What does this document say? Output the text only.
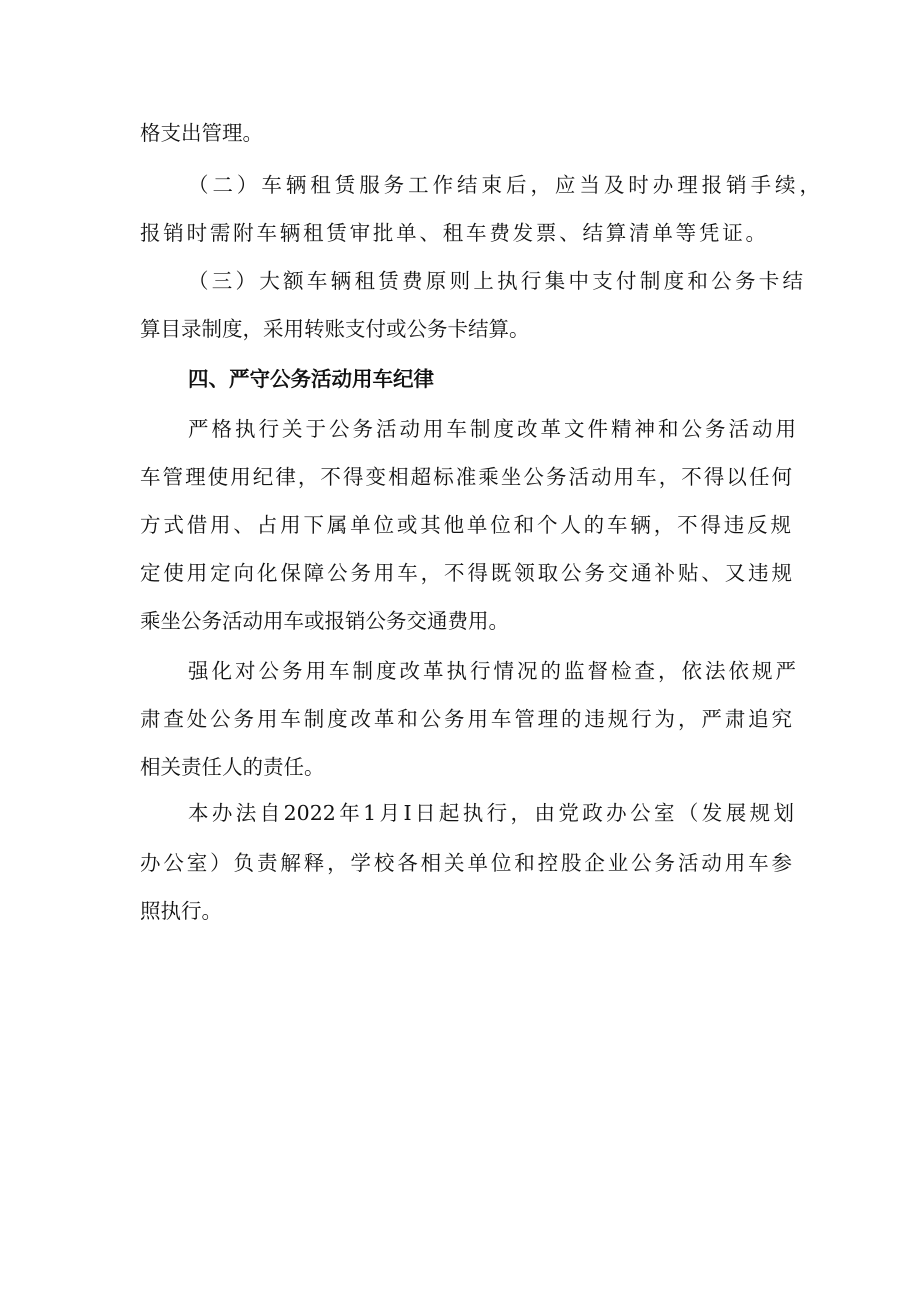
格支出管理。

（二）车辆租赁服务工作结束后，应当及时办理报销手续，

报销时需附车辆租赁审批单、租车费发票、结算清单等凭证。

（三）大额车辆租赁费原则上执行集中支付制度和公务卡结

算目录制度，采用转账支付或公务卡结算。

四、严守公务活动用车纪律

严格执行关于公务活动用车制度改革文件精神和公务活动用

车管理使用纪律，不得变相超标准乘坐公务活动用车，不得以任何

方式借用、占用下属单位或其他单位和个人的车辆，不得违反规

定使用定向化保障公务用车，不得既领取公务交通补贴、又违规

乘坐公务活动用车或报销公务交通费用。

强化对公务用车制度改革执行情况的监督检查，依法依规严

肃查处公务用车制度改革和公务用车管理的违规行为，严肃追究

相关责任人的责任。

本办法自2022年1月I日起执行，由党政办公室（发展规划

办公室）负责解释，学校各相关单位和控股企业公务活动用车参

照执行。
